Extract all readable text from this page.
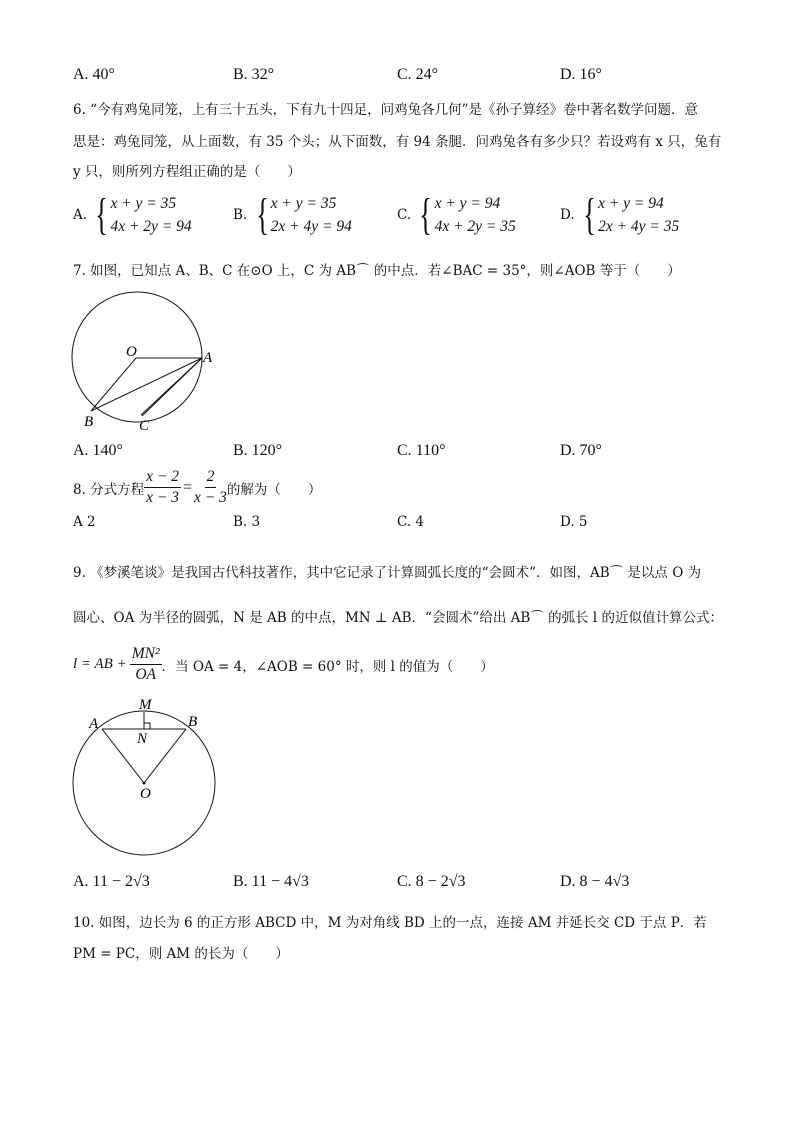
A. 40°	B. 32°	C. 24°	D. 16°
6. “今有鸡兔同笼，上有三十五头，下有九十四足，问鸡兔各几何”是《孙子算经》卷中著名数学问题．意
思是：鸡兔同笼，从上面数，有 35 个头；从下面数，有 94 条腿．问鸡兔各有多少只？若设鸡有 x 只，兔有
y 只，则所列方程组正确的是（　　）
A.
{ x + y = 35
4x + 2y = 94
B.
{ x + y = 35
2x + 4y = 94
C.
{ x + y = 94
4x + 2y = 35
D.
{ x + y = 94
2x + 4y = 35
7. 如图，已知点 A、B、C 在⊙O 上，C 为 AB⌒ 的中点．若∠BAC = 35°，则∠AOB 等于（　　）
O	A
B	C
A. 140°	B. 120°	C. 110°	D. 70°
8. 分式方程 $\frac{x - 2}{x - 3} = \frac{2}{x - 3}$ 的解为（　　）
A 2	B. 3	C. 4	D. 5
9. 《梦溪笔谈》是我国古代科技著作，其中它记录了计算圆弧长度的“会圆术”．如图，AB⌒ 是以点 O 为
圆心、OA 为半径的圆弧，N 是 AB 的中点，MN ⊥ AB．“会圆术”给出 AB⌒ 的弧长 l 的近似值计算公式：
l = AB + $\frac{\text{MN²}}{OA}$ ．当 OA = 4，∠AOB = 60° 时，则 l 的值为（　　）
M
A	B
N
O
A. 11 − 2√3	B. 11 − 4√3	C. 8 − 2√3	D. 8 − 4√3
10. 如图，边长为 6 的正方形 ABCD 中，M 为对角线 BD 上的一点，连接 AM 并延长交 CD 于点 P．若
PM = PC，则 AM 的长为（　　）
